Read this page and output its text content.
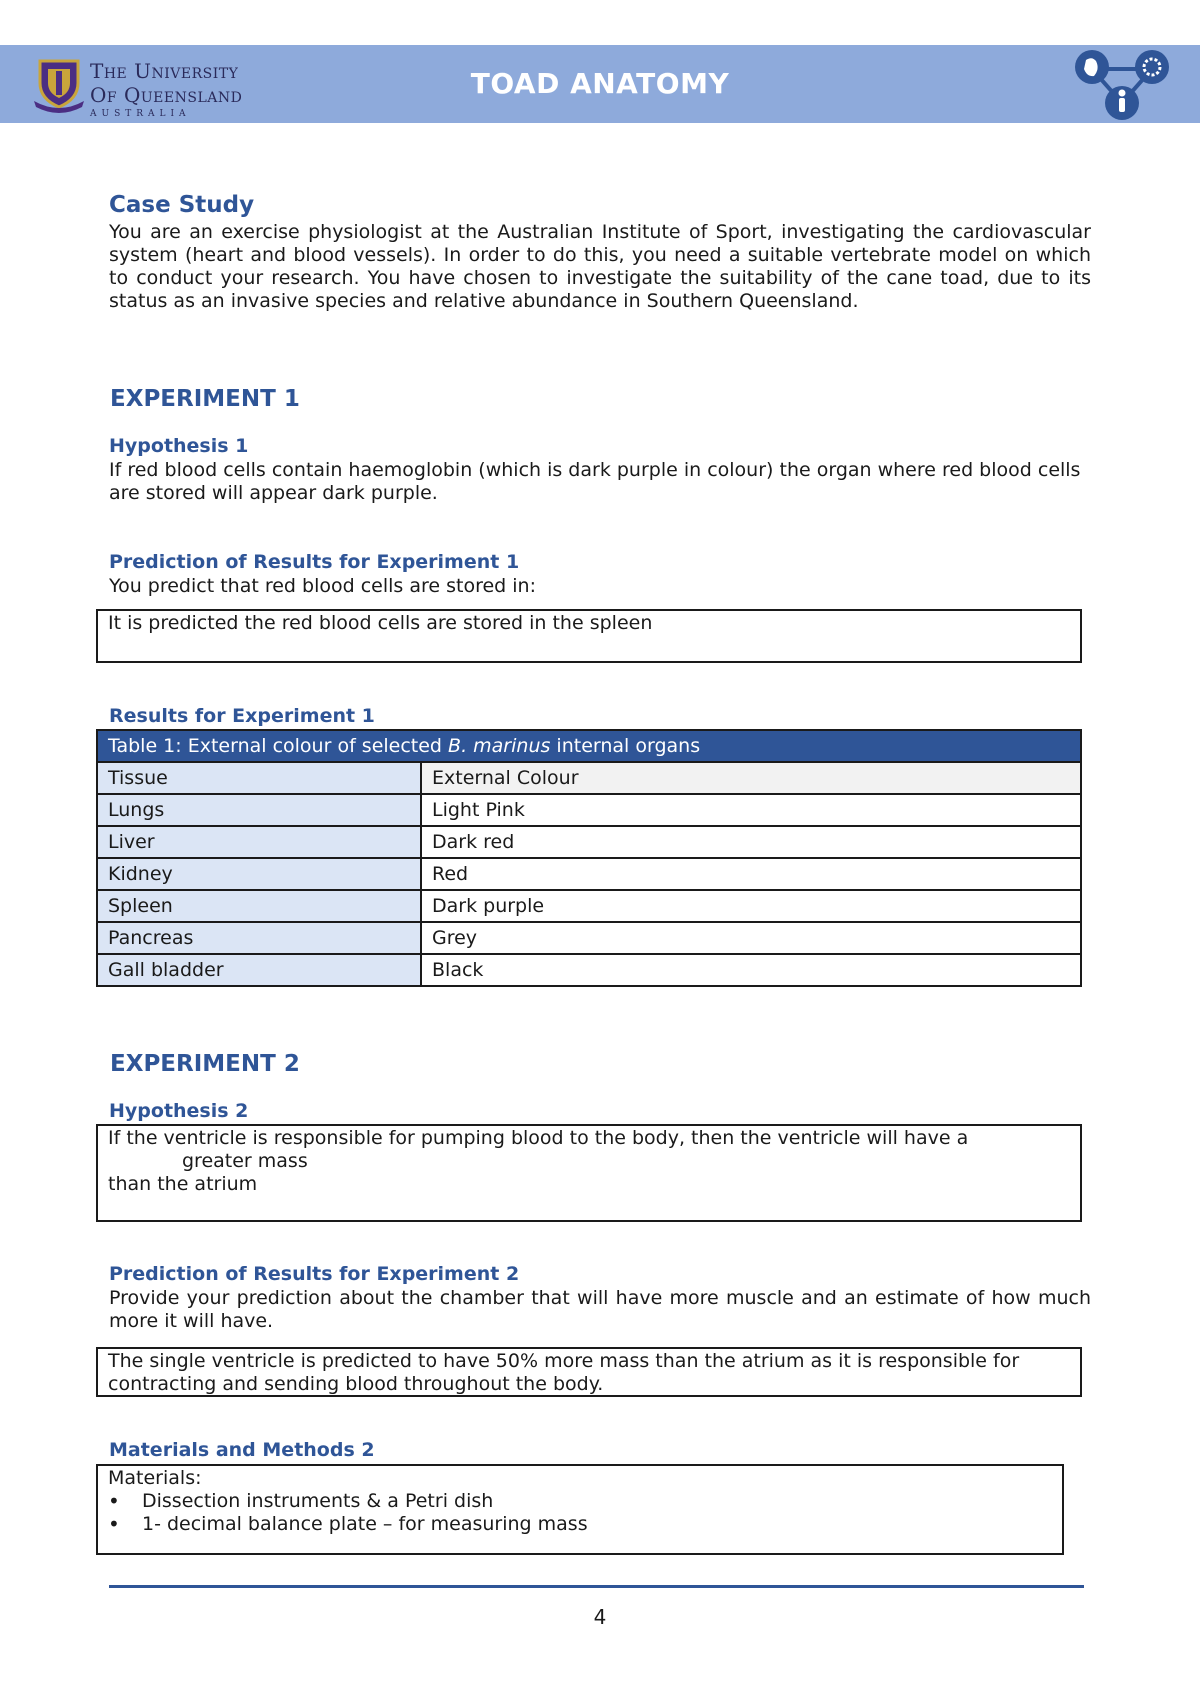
The University
Of Queensland
AUSTRALIA
TOAD ANATOMY
Case Study
You are an exercise physiologist at the Australian Institute of Sport, investigating the cardiovascular system (heart and blood vessels). In order to do this, you need a suitable vertebrate model on which to conduct your research. You have chosen to investigate the suitability of the cane toad, due to its status as an invasive species and relative abundance in Southern Queensland.
EXPERIMENT 1
Hypothesis 1
If red blood cells contain haemoglobin (which is dark purple in colour) the organ where red blood cells are stored will appear dark purple.
Prediction of Results for Experiment 1
You predict that red blood cells are stored in:
It is predicted the red blood cells are stored in the spleen
Results for Experiment 1
Table 1: External colour of selected B. marinus internal organs	
Tissue	External Colour
Lungs	Light Pink
Liver	Dark red
Kidney	Red
Spleen	Dark purple
Pancreas	Grey
Gall bladder	Black
EXPERIMENT 2
Hypothesis 2
If the ventricle is responsible for pumping blood to the body, then the ventricle will have a
greater mass
than the atrium
Prediction of Results for Experiment 2
Provide your prediction about the chamber that will have more muscle and an estimate of how much more it will have.
The single ventricle is predicted to have 50% more mass than the atrium as it is responsible for contracting and sending blood throughout the body.
Materials and Methods 2
Materials:
• Dissection instruments & a Petri dish
• 1- decimal balance plate – for measuring mass
4
